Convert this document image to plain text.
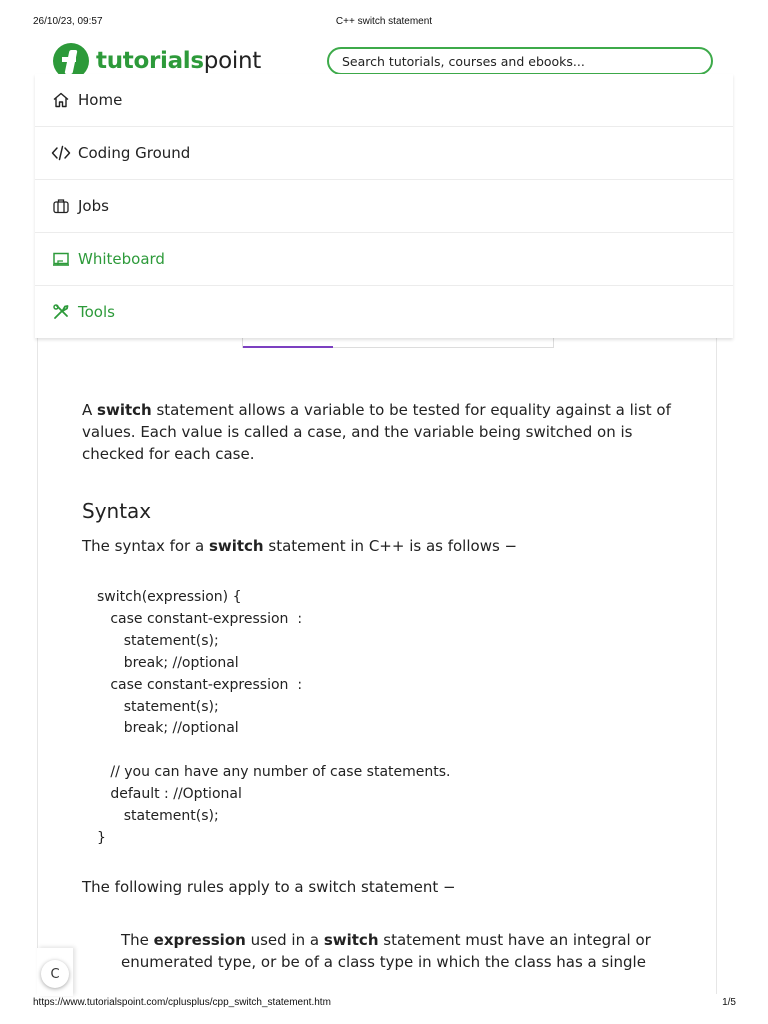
26/10/23, 09:57	C++ switch statement
tutorialspoint	Search tutorials, courses and ebooks...
Home
Coding Ground
Jobs
Whiteboard
Tools

A switch statement allows a variable to be tested for equality against a list of values. Each value is called a case, and the variable being switched on is checked for each case.

Syntax

The syntax for a switch statement in C++ is as follows −

switch(expression) {
case constant-expression  :
statement(s);
break; //optional
case constant-expression  :
statement(s);
break; //optional
// you can have any number of case statements.
default : //Optional
statement(s);
}

The following rules apply to a switch statement −

The expression used in a switch statement must have an integral or enumerated type, or be of a class type in which the class has a single

C
https://www.tutorialspoint.com/cplusplus/cpp_switch_statement.htm	1/5
